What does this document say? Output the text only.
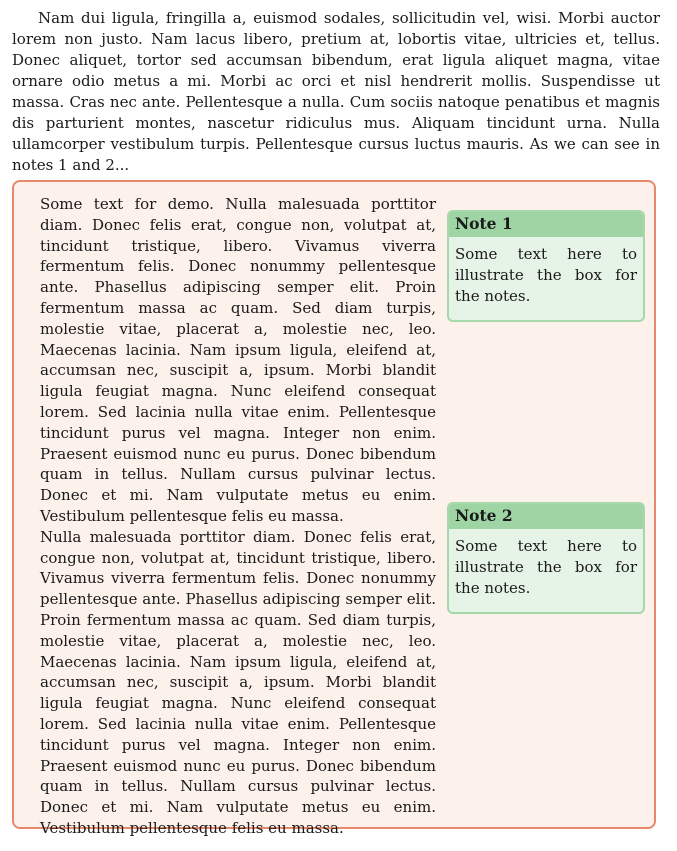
Nam dui ligula, fringilla a, euismod sodales, sollicitudin vel, wisi. Morbi auctor lorem non justo. Nam lacus libero, pretium at, lobortis vitae, ultricies et, tellus. Donec aliquet, tortor sed accumsan bibendum, erat ligula aliquet magna, vitae ornare odio metus a mi. Morbi ac orci et nisl hendrerit mollis. Suspendisse ut massa. Cras nec ante. Pellentesque a nulla. Cum sociis natoque penatibus et magnis dis parturient montes, nascetur ridiculus mus. Aliquam tincidunt urna. Nulla ullamcorper vestibulum turpis. Pellentesque cursus luctus mauris. As we can see in notes 1 and 2...

Some text for demo. Nulla malesuada porttitor diam. Donec felis erat, congue non, volutpat at, tincidunt tristique, libero. Vivamus viverra fermentum felis. Donec nonummy pellentesque ante. Phasellus adipiscing semper elit. Proin fermentum massa ac quam. Sed diam turpis, molestie vitae, placerat a, molestie nec, leo. Maecenas lacinia. Nam ipsum ligula, eleifend at, accumsan nec, suscipit a, ipsum. Morbi blandit ligula feugiat magna. Nunc eleifend consequat lorem. Sed lacinia nulla vitae enim. Pellentesque tincidunt purus vel magna. Integer non enim. Praesent euismod nunc eu purus. Donec bibendum quam in tellus. Nullam cursus pulvinar lectus. Donec et mi. Nam vulputate metus eu enim. Vestibulum pellentesque felis eu massa.

Nulla malesuada porttitor diam. Donec felis erat, congue non, volutpat at, tincidunt tristique, libero. Vivamus viverra fermentum felis. Donec nonummy pellentesque ante. Phasellus adipiscing semper elit. Proin fermentum massa ac quam. Sed diam turpis, molestie vitae, placerat a, molestie nec, leo. Maecenas lacinia. Nam ipsum ligula, eleifend at, accumsan nec, suscipit a, ipsum. Morbi blandit ligula feugiat magna. Nunc eleifend consequat lorem. Sed lacinia nulla vitae enim. Pellentesque tincidunt purus vel magna. Integer non enim. Praesent euismod nunc eu purus. Donec bibendum quam in tellus. Nullam cursus pulvinar lectus. Donec et mi. Nam vulputate metus eu enim. Vestibulum pellentesque felis eu massa.

Note 1
Some text here to illustrate the box for the notes.
Note 2
Some text here to illustrate the box for the notes.
